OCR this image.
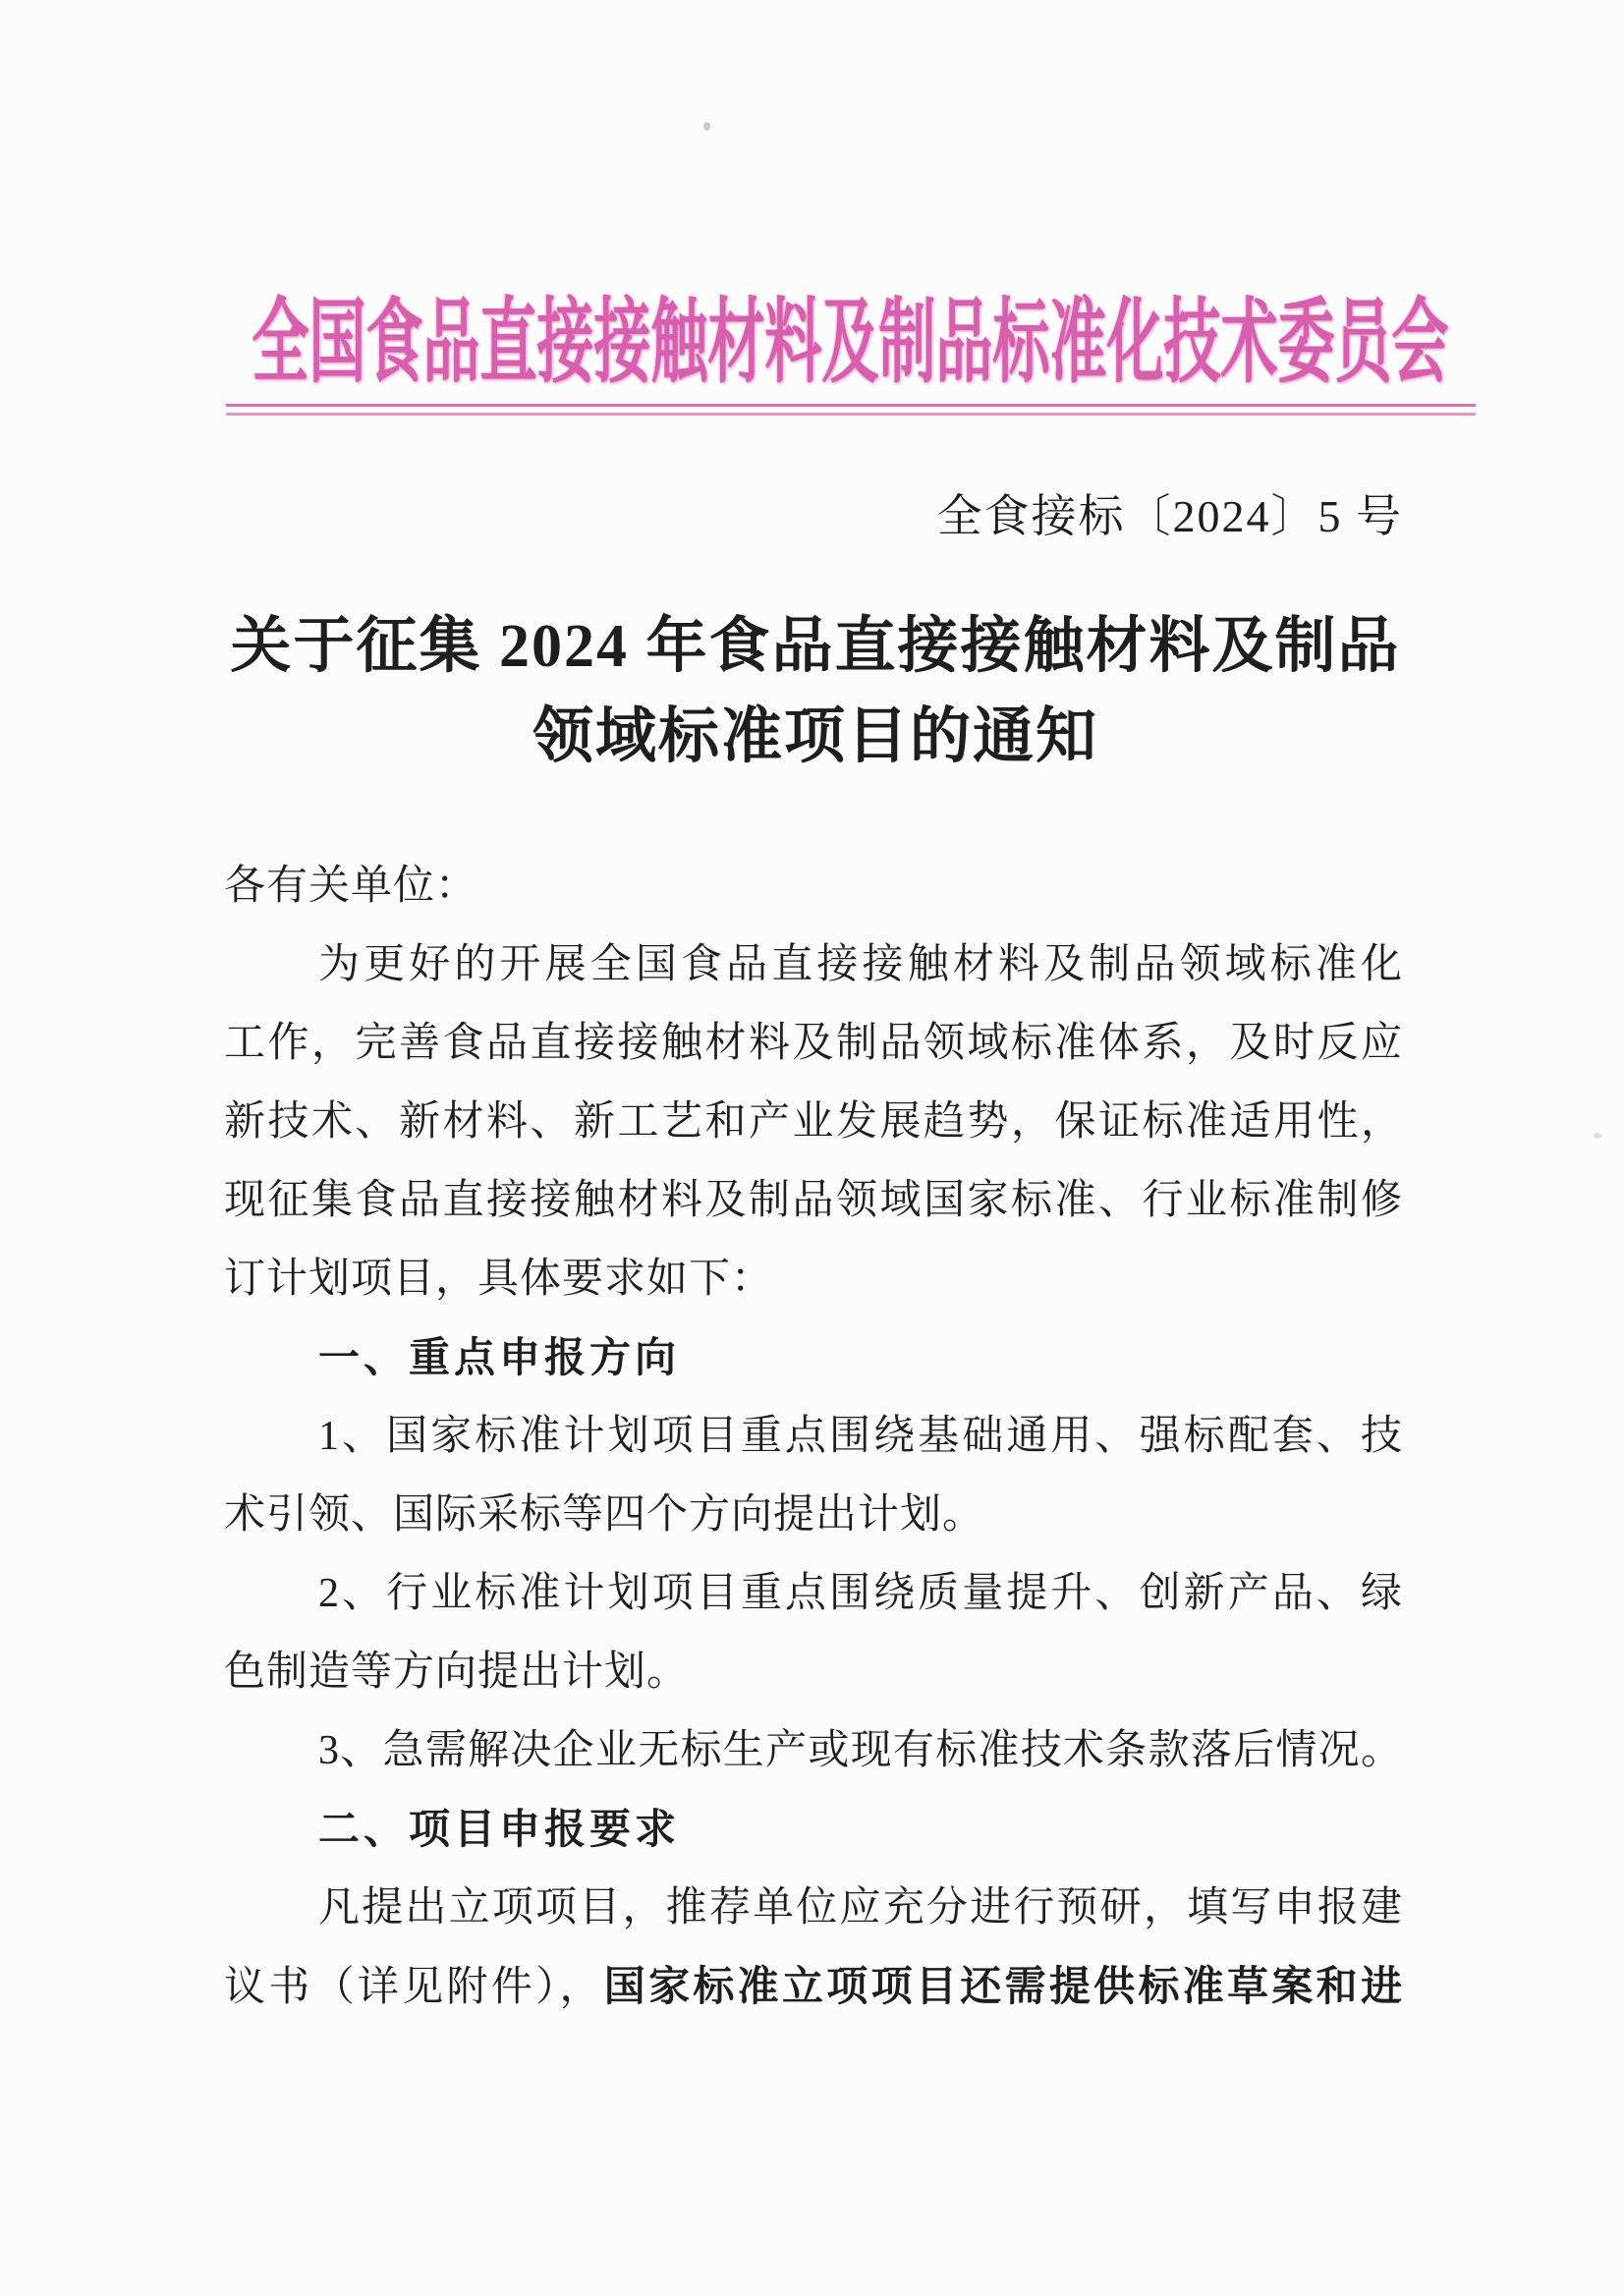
全国食品直接接触材料及制品标准化技术委员会
全食接标〔2024〕5 号
关于征集 2024 年食品直接接触材料及制品
领域标准项目的通知
各有关单位：
为更好的开展全国食品直接接触材料及制品领域标准化
工作，完善食品直接接触材料及制品领域标准体系，及时反应
新技术、新材料、新工艺和产业发展趋势，保证标准适用性，
现征集食品直接接触材料及制品领域国家标准、行业标准制修
订计划项目，具体要求如下：
一、重点申报方向
1、国家标准计划项目重点围绕基础通用、强标配套、技
术引领、国际采标等四个方向提出计划。
2、行业标准计划项目重点围绕质量提升、创新产品、绿
色制造等方向提出计划。
3、急需解决企业无标生产或现有标准技术条款落后情况。
二、项目申报要求
凡提出立项项目，推荐单位应充分进行预研，填写申报建
议书（详见附件），国家标准立项项目还需提供标准草案和进
